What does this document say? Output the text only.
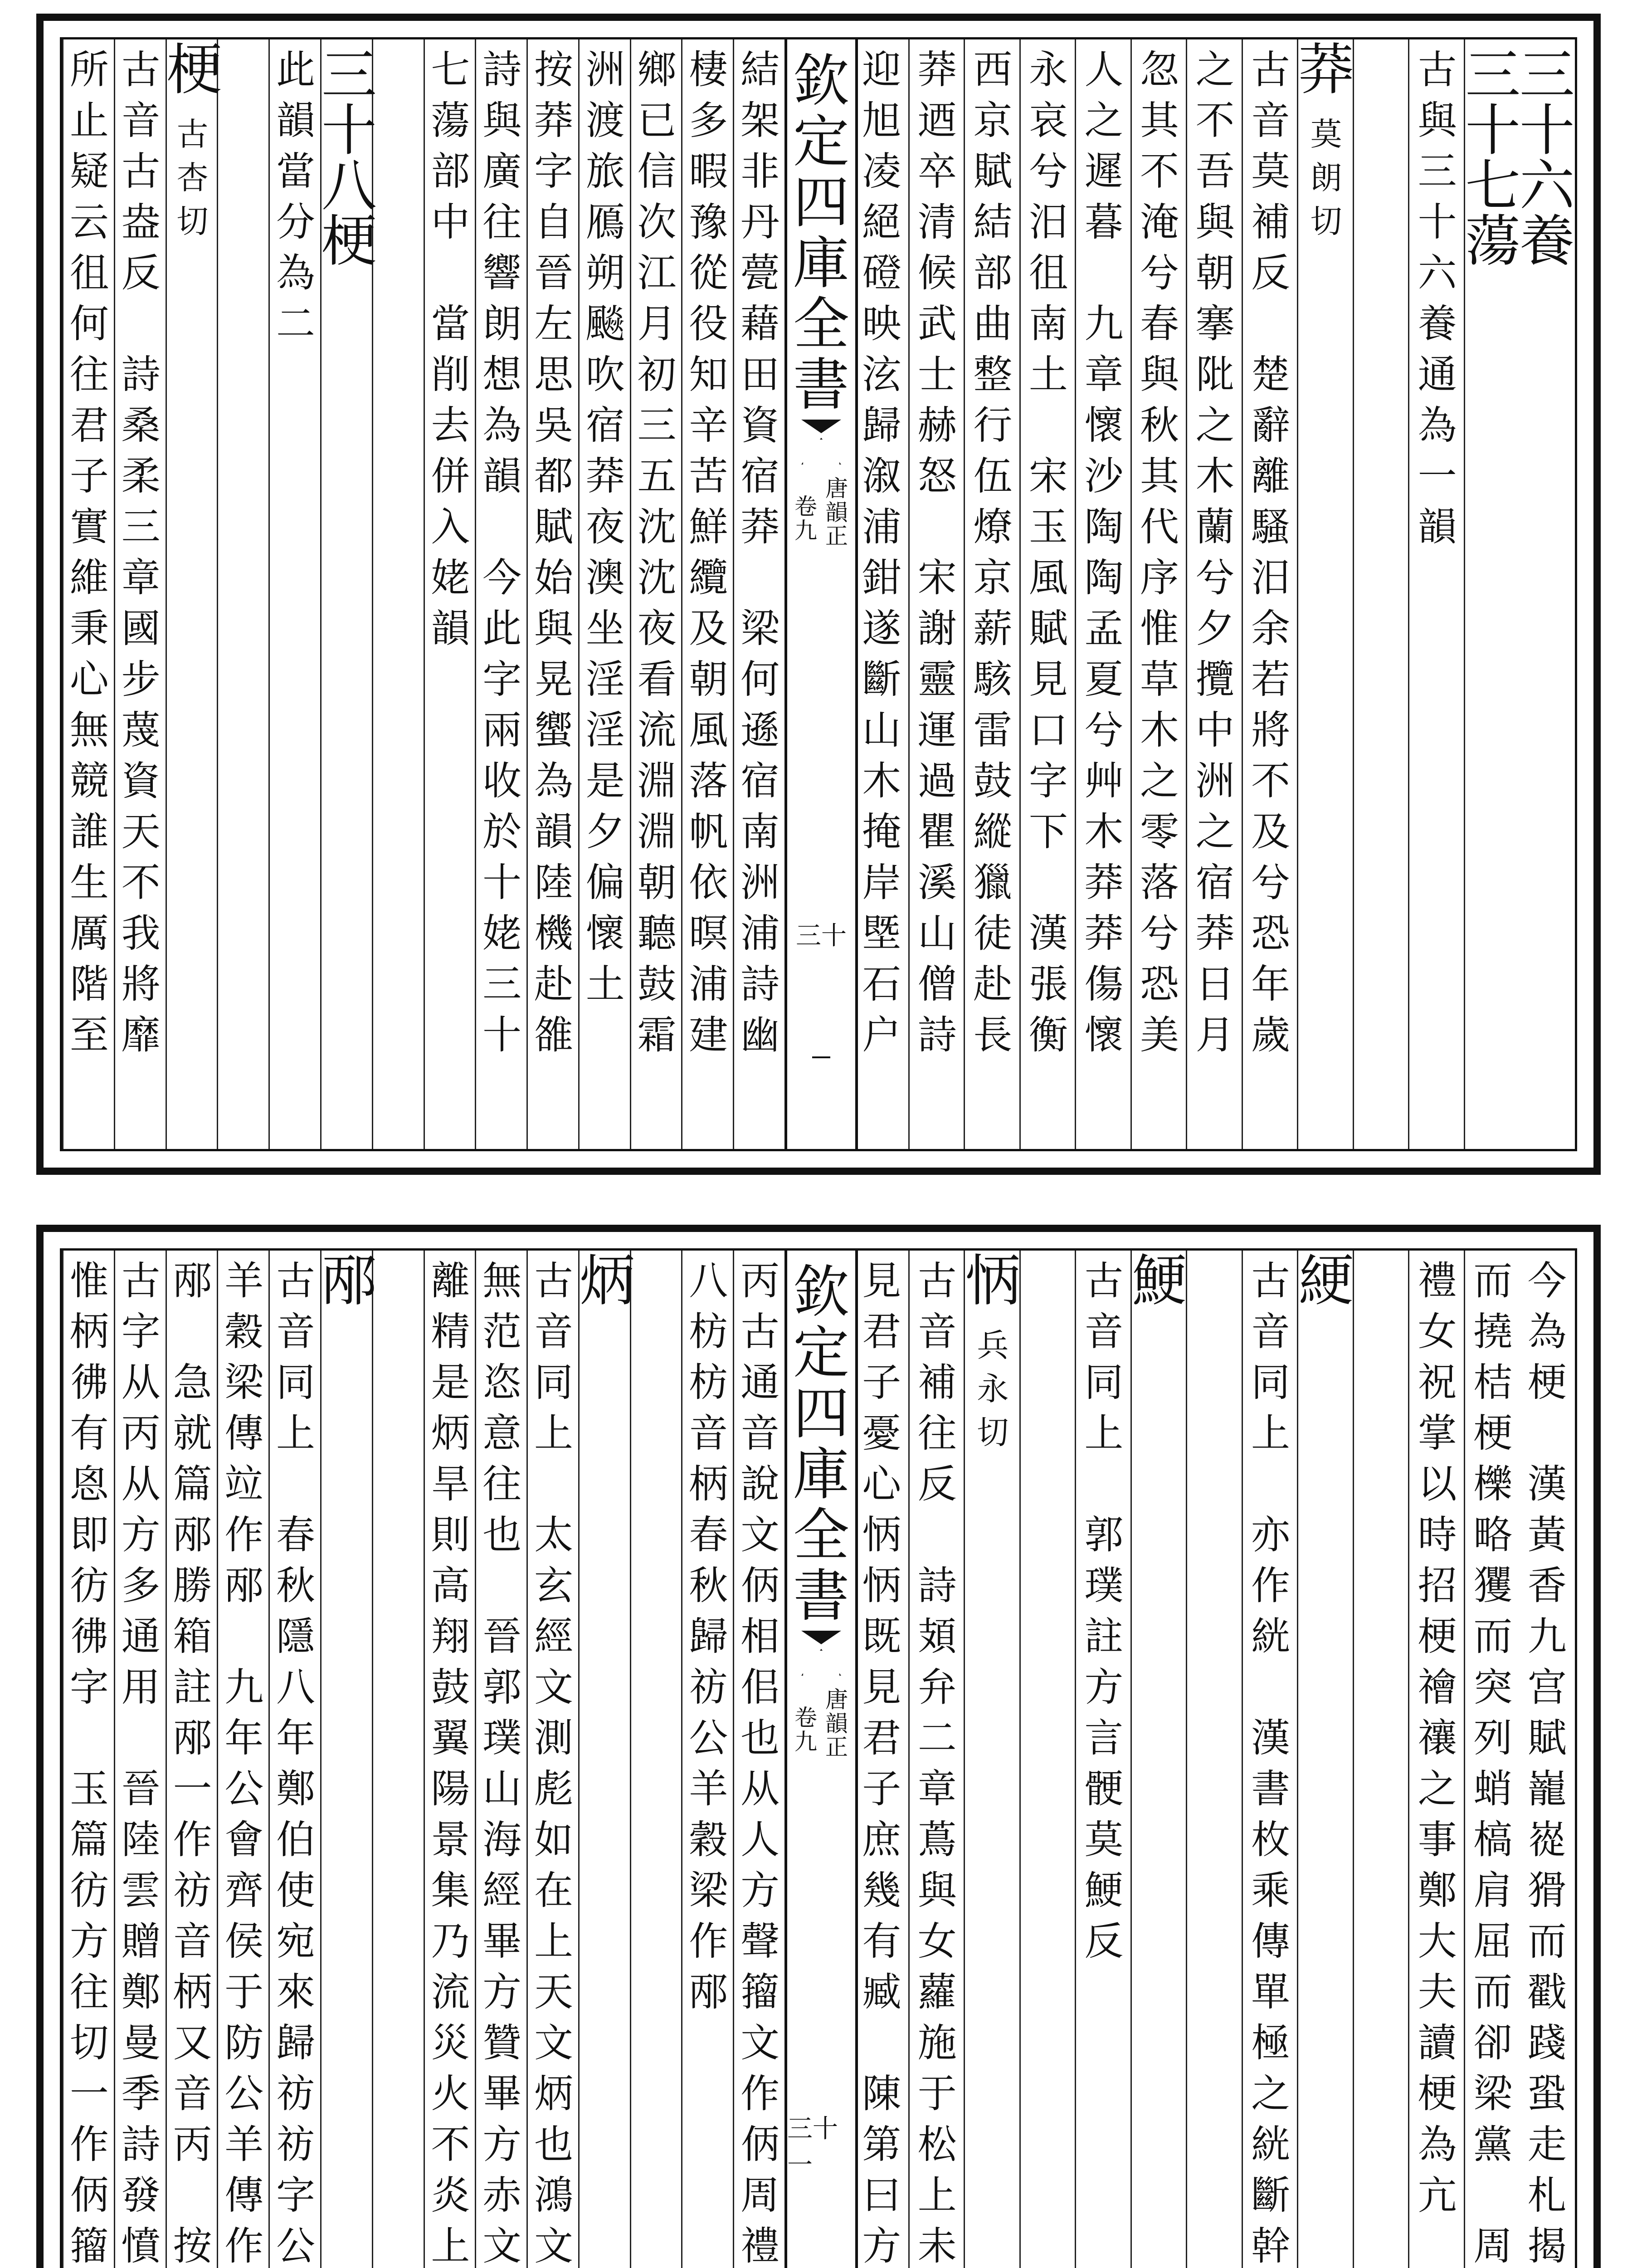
三
十
六
養
三
十
七
蕩
古
與
三
十
六
養
通
為
一
韻
莽
莫
朗
切
古
音
莫
補
反

楚
辭
離
騷
汨
余
若
將
不
及
兮
恐
年
歲
之
不
吾
與
朝
搴
阰
之
木
蘭
兮
夕
攬
中
洲
之
宿
莽
日
月
忽
其
不
淹
兮
春
與
秋
其
代
序
惟
草
木
之
零
落
兮
恐
美
人
之
遲
暮

九
章
懷
沙
陶
陶
孟
夏
兮
艸
木
莽
莽
傷
懷
永
哀
兮
汨
徂
南
土

宋
玉
風
賦
見
口
字
下

漢
張
衡
西
京
賦
結
部
曲
整
行
伍
燎
京
薪
駭
雷
鼓
縱
獵
徒
赴
長
莽
迺
卒
清
候
武
士
赫
怒

宋
謝
靈
運
過
瞿
溪
山
僧
詩
迎
旭
凌
絕
磴
映
泫
歸
溆
浦
鉗
遂
斷
山
木
掩
岸
塈
石
户
結
架
非
丹
甍
藉
田
資
宿
莽

梁
何
遜
宿
南
洲
浦
詩
幽
棲
多
暇
豫
從
役
知
辛
苦
鮮
纜
及
朝
風
落
帆
依
暝
浦
建
鄉
已
信
次
江
月
初
三
五
沈
沈
夜
看
流
淵
淵
朝
聽
鼓
霜
洲
渡
旅
鴈
朔
飈
吹
宿
莽
夜
澳
坐
淫
淫
是
夕
偏
懷
土
按
莽
字
自
晉
左
思
吳
都
賦
始
與
晃
蠁
為
韻
陸
機
赴
雒
詩
與
廣
往
響
朗
想
為
韻

今
此
字
兩
收
於
十
姥
三
十
七
蕩
部
中

當
削
去
併
入
姥
韻
三
十
八
梗
此
韻
當
分
為
二
梗
古
杏
切
古
音
古
盎
反

詩
桑
柔
三
章
國
步
蔑
資
天
不
我
將
靡
所
止
疑
云
徂
何
往
君
子
實
維
秉
心
無
競
誰
生
厲
階
至
欽
定
四
庫
全
書
唐
韻
正
卷
九
三十
今
為
梗

漢
黃
香
九
宫
賦
巃
嵸
猾
而
戳
踐
蛩
走
札
揭
而
撓
桔
梗
櫟
略
玃
而
突
列
蛸
槁
肩
屈
而
卻
梁
黨

周
禮
女
祝
掌
以
時
招
梗
禬
禳
之
事
鄭
大
夫
讀
梗
為
亢
綆
古
音
同
上

亦
作
絖

漢
書
枚
乘
傳
單
極
之
絖
斷
幹
鯁
古
音
同
上

郭
璞
註
方
言
骾
莫
鯁
反
怲
兵
永
切
古
音
補
往
反

詩
頍
弁
二
章
蔦
與
女
蘿
施
于
松
上
未
見
君
子
憂
心
怲
怲
既
見
君
子
庶
幾
有
臧

陳
第
曰
方
丙
古
通
音
說
文
㑂
相
佀
也
从
人
方
聲
籀
文
作
㑂
周
禮
八
枋
枋
音
柄
春
秋
歸
祊
公
羊
穀
梁
作
邴
炳
古
音
同
上

太
玄
經
文
測
彪
如
在
上
天
文
炳
也
鴻
文
無
范
恣
意
往
也

晉
郭
璞
山
海
經
畢
方
贊
畢
方
赤
文
離
精
是
炳
旱
則
高
翔
鼓
翼
陽
景
集
乃
流
災
火
不
炎
上
邴
古
音
同
上

春
秋
隱
八
年
鄭
伯
使
宛
來
歸
祊
祊
字
公
羊
穀
梁
傳
竝
作
邴

九
年
公
會
齊
侯
于
防
公
羊
傳
作
邴

急
就
篇
邴
勝
箱
註
邴
一
作
祊
音
柄
又
音
丙

按
古
字
从
丙
从
方
多
通
用

晉
陸
雲
贈
鄭
曼
季
詩
發
憤
惟
柄
彿
有
恖
即
彷
彿
字

玉
篇
彷
方
往
切
一
作
㑂
籀
欽
定
四
庫
全
書
唐
韻
正
卷
九
三十一
